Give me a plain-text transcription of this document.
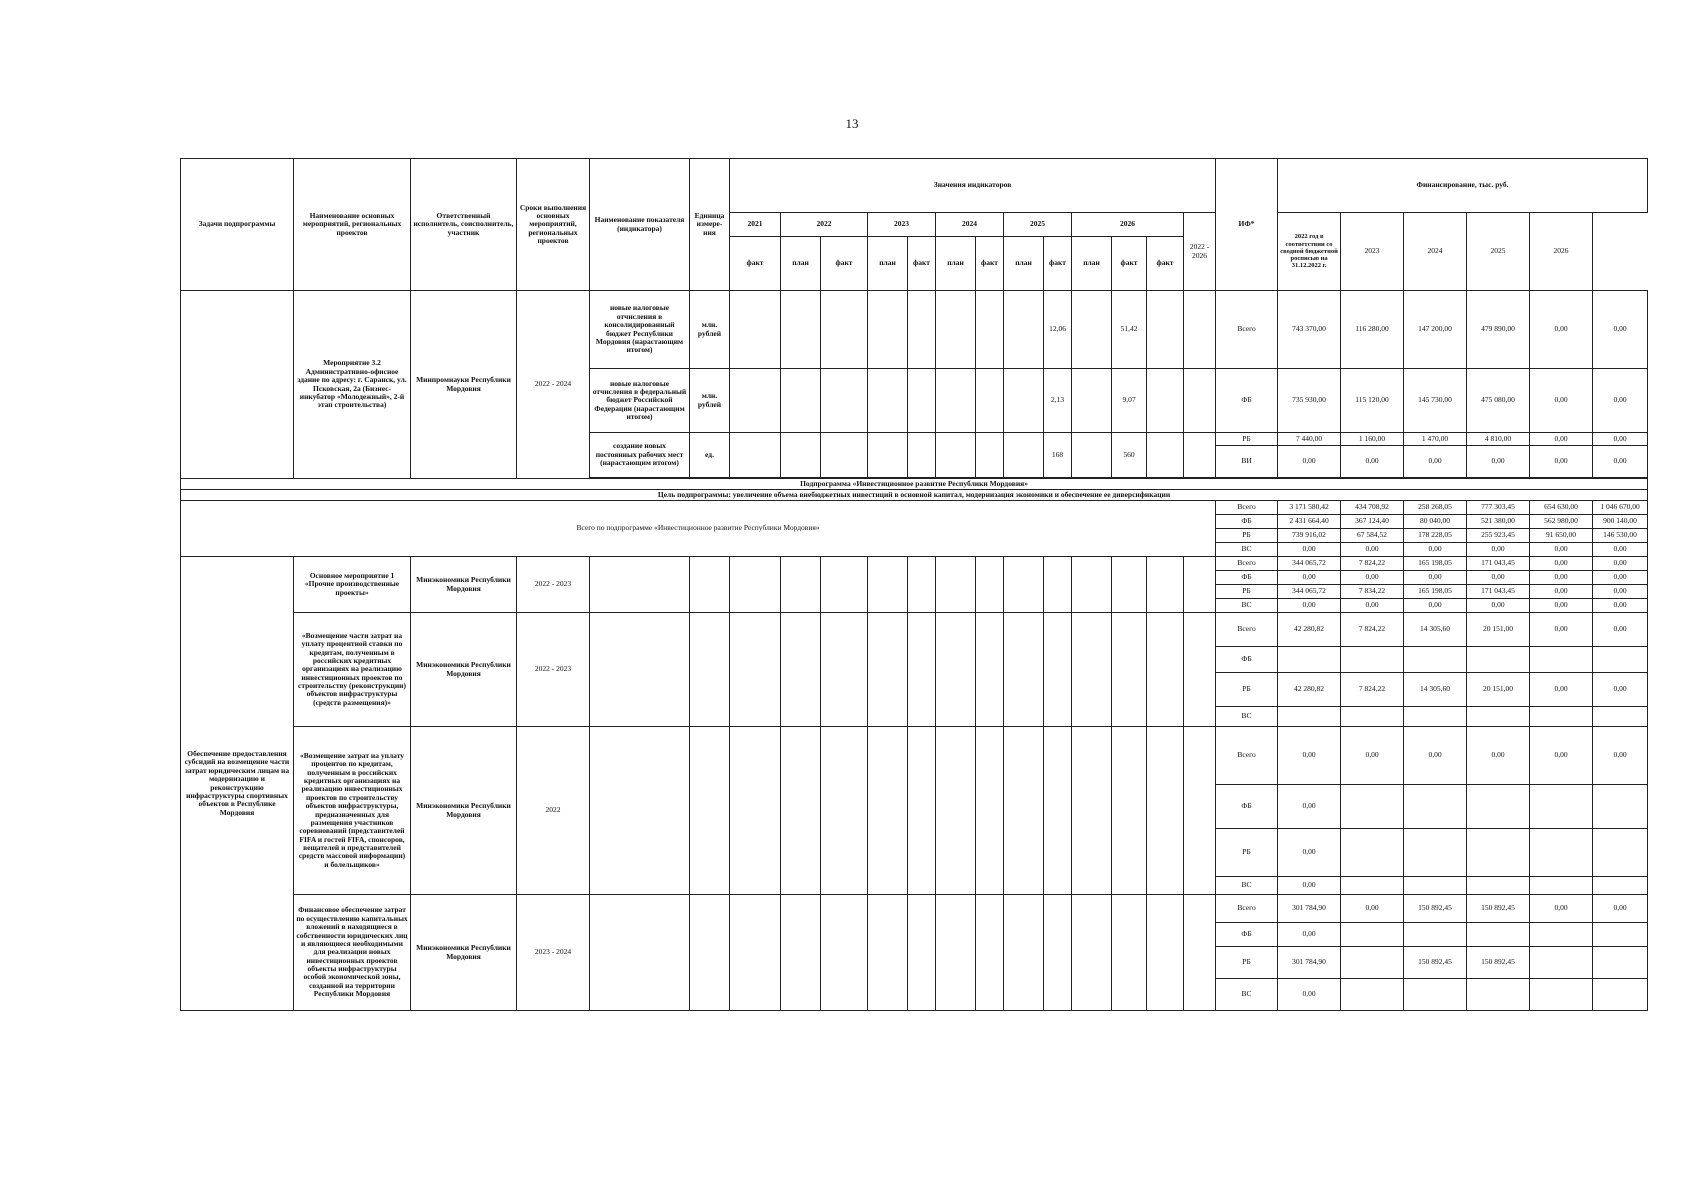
13
Задачи подпрограммы	Наименование основных мероприятий, региональных проектов	Ответственный исполнитель, соисполнитель, участник	Сроки выполнения основных мероприятий, региональных проектов	Наименование показателя (индикатора)	Единица измере-ния	Значения индикаторов													ИФ*	Финансирование, тыс. руб.					
						2021	2022		2023		2024		2025		2026			2022 - 2026		2022 год в соответствии со сводной бюджетной росписью на 31.12.2022 г.	2023	2024	2025	2026	
						факт	план	факт	план	факт	план	факт	план	факт	план	факт	факт								
	Мероприятие 3.2 Административно-офисное здание по адресу: г. Саранск, ул. Псковская, 2а (Бизнес-инкубатор «Молодежный», 2-й этап строительства)	Минпромнауки Республики Мордовия	2022 - 2024	новые налоговые отчисления в консолидированный бюджет Республики Мордовия (нарастающим итогом)	млн. рублей									12,06		51,42			Всего	743 370,00	116 280,00	147 200,00	479 890,00	0,00	0,00
				новые налоговые отчисления в федеральный бюджет Российской Федерации (нарастающим итогом)	млн. рублей									2,13		9,07			ФБ	735 930,00	115 120,00	145 730,00	475 080,00	0,00	0,00
				создание новых постоянных рабочих мест (нарастающим итогом)	ед.									168		560			РБ	7 440,00	1 160,00	1 470,00	4 810,00	0,00	0,00
																			ВИ	0,00	0,00	0,00	0,00	0,00	0,00

Подпрограмма «Инвестиционное развитие Республики Мордовия»																									
Цель подпрограммы: увеличение объема внебюджетных инвестиций в основной капитал, модернизация экономики и обеспечение ее диверсификации																									
Всего по подпрограмме «Инвестиционное развитие Республики Мордовия»																			Всего	3 171 580,42	434 708,92	258 268,05	777 303,45	654 630,00	1 046 670,00
																			ФБ	2 431 664,40	367 124,40	80 040,00	521 380,00	562 980,00	900 140,00
																			РБ	739 916,02	67 584,52	178 228,05	255 923,45	91 650,00	146 530,00
																			ВС	0,00	0,00	0,00	0,00	0,00	0,00
Обеспечение предоставления субсидий на возмещение части затрат юридическим лицам на модернизацию и реконструкцию инфраструктуры спортивных объектов в Республике Мордовия	Основное мероприятие 1 «Прочие производственные проекты»	Минэкономики Республики Мордовия	2022 - 2023																Всего	344 065,72	7 824,22	165 198,05	171 043,45	0,00	0,00
																			ФБ	0,00	0,00	0,00	0,00	0,00	0,00
																			РБ	344 065,72	7 834,22	165 198,05	171 043,45	0,00	0,00
																			ВС	0,00	0,00	0,00	0,00	0,00	0,00
	«Возмещение части затрат на уплату процентной ставки по кредитам, полученным в российских кредитных организациях на реализацию инвестиционных проектов по строительству (реконструкции) объектов инфраструктуры (средств размещения)»	Минэкономики Республики Мордовия	2022 - 2023																Всего	42 280,82	7 824,22	14 305,60	20 151,00	0,00	0,00
																			ФБ						
																			РБ	42 280,82	7 824,22	14 305,60	20 151,00	0,00	0,00
																			ВС						
	«Возмещение затрат на уплату процентов по кредитам, полученным в российских кредитных организациях на реализацию инвестиционных проектов по строительству объектов инфраструктуры, предназначенных для размещения участников соревнований (представителей FIFA и гостей FIFA, спонсоров, вещателей и представителей средств массовой информации) и болельщиков»	Минэкономики Республики Мордовия	2022																Всего	0,00	0,00	0,00	0,00	0,00	0,00
																			ФБ	0,00					
																			РБ	0,00					
																			ВС	0,00					
	Финансовое обеспечение затрат по осуществлению капитальных вложений в находящиеся в собственности юридических лиц и являющиеся необходимыми для реализации новых инвестиционных проектов объекты инфраструктуры особой экономической зоны, созданной на территории Республики Мордовия	Минэкономики Республики Мордовия	2023 - 2024																Всего	301 784,90	0,00	150 892,45	150 892,45	0,00	0,00
																			ФБ	0,00					
																			РБ	301 784,90		150 892,45	150 892,45		
																			ВС	0,00					
